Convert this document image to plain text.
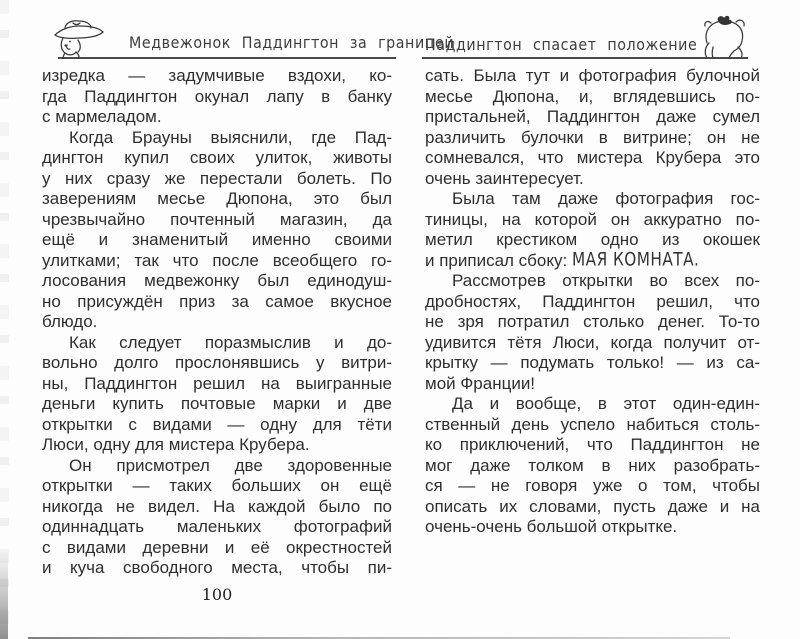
Медвежонок Паддингтон за границей
Паддингтон спасает положение
изредка — задумчивые вздохи, ко-
гда Паддингтон окунал лапу в банку
с мармеладом.
Когда Брауны выяснили, где Пад-
дингтон купил своих улиток, животы
у них сразу же перестали болеть. По
заверениям месье Дюпона, это был
чрезвычайно почтенный магазин, да
ещё и знаменитый именно своими
улитками; так что после всеобщего го-
лосования медвежонку был единодуш-
но присуждён приз за самое вкусное
блюдо.
Как следует поразмыслив и до-
вольно долго прослонявшись у витри-
ны, Паддингтон решил на выигранные
деньги купить почтовые марки и две
открытки с видами — одну для тёти
Люси, одну для мистера Крубера.
Он присмотрел две здоровенные
открытки — таких больших он ещё
никогда не видел. На каждой было по
одиннадцать маленьких фотографий
с видами деревни и её окрестностей
и куча свободного места, чтобы пи-
сать. Была тут и фотография булочной
месье Дюпона, и, вглядевшись по-
пристальней, Паддингтон даже сумел
различить булочки в витрине; он не
сомневался, что мистера Крубера это
очень заинтересует.
Была там даже фотография гос-
тиницы, на которой он аккуратно по-
метил крестиком одно из окошек
и приписал сбоку: МАЯ КОМНАТА.
Рассмотрев открытки во всех по-
дробностях, Паддингтон решил, что
не зря потратил столько денег. То-то
удивится тётя Люси, когда получит от-
крытку — подумать только! — из са-
мой Франции!
Да и вообще, в этот один-един-
ственный день успело набиться столь-
ко приключений, что Паддингтон не
мог даже толком в них разобрать-
ся — не говоря уже о том, чтобы
описать их словами, пусть даже и на
очень-очень большой открытке.
100
